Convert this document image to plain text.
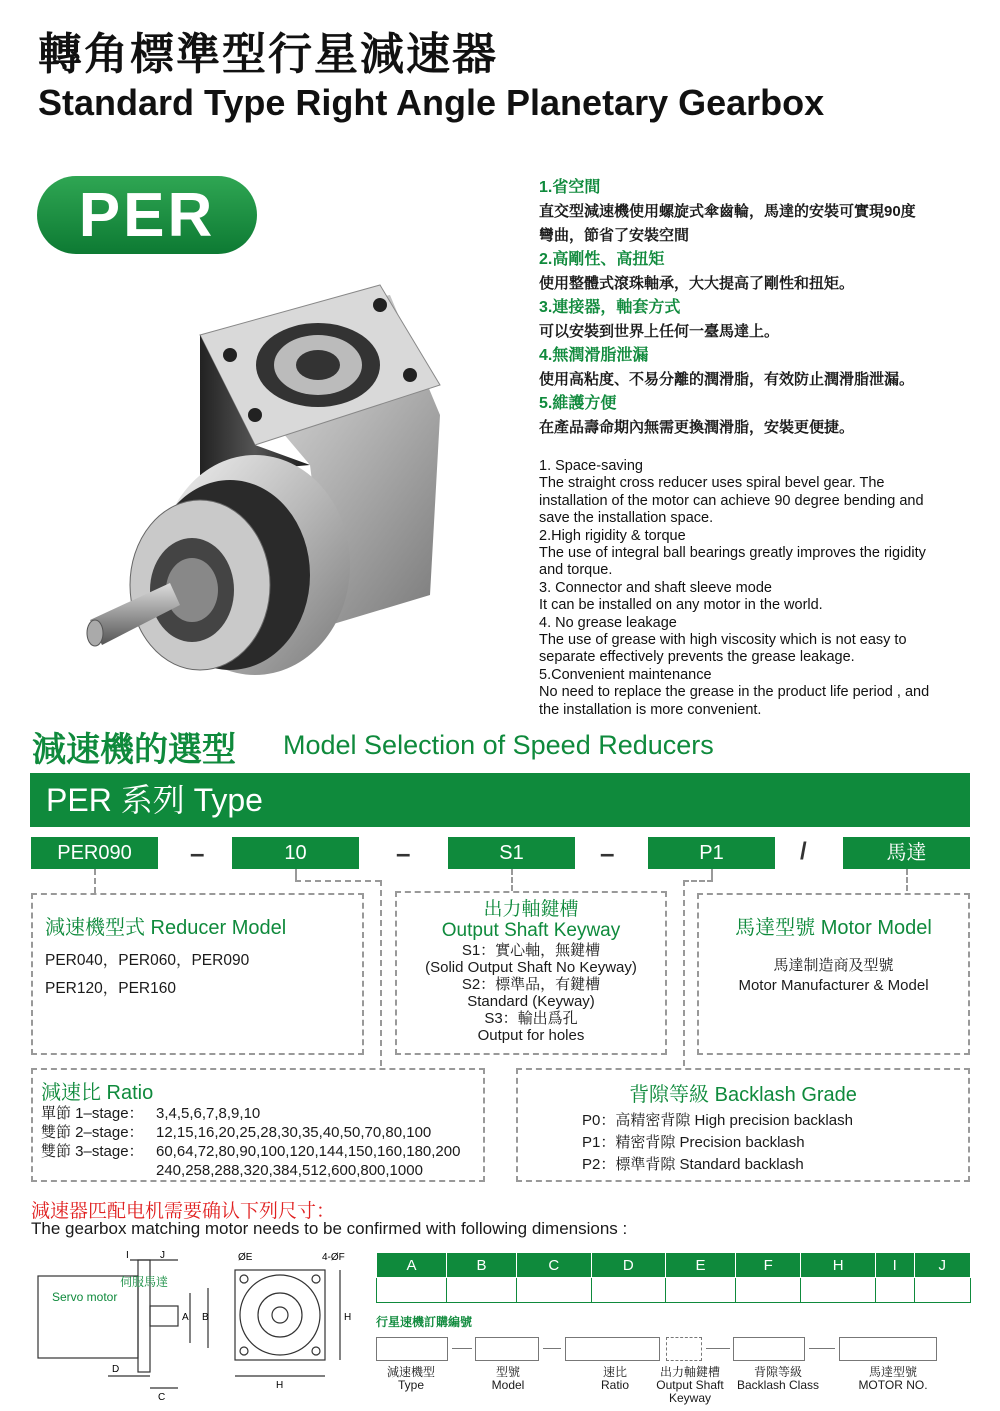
轉角標準型行星減速器
Standard Type Right Angle Planetary Gearbox
PER	1.省空間
直交型減速機使用螺旋式傘齒輪，馬達的安裝可實現90度
彎曲，節省了安裝空間
2.高剛性、高扭矩
使用整體式滾珠軸承，大大提高了剛性和扭矩。
3.連接器，軸套方式
可以安裝到世界上任何一臺馬達上。
4.無潤滑脂泄漏
使用高粘度、不易分離的潤滑脂，有效防止潤滑脂泄漏。
5.維護方便
在產品壽命期內無需更換潤滑脂，安裝更便捷。
1. Space-saving
The straight cross reducer uses spiral bevel gear. The
installation of the motor can achieve 90 degree bending and
save the installation space.
2.High rigidity & torque
The use of integral ball bearings greatly improves the rigidity
and torque.
3. Connector and shaft sleeve mode
It can be installed on any motor in the world.
4. No grease leakage
The use of grease with high viscosity which is not easy to
separate effectively prevents the grease leakage.
5.Convenient maintenance
No need to replace the grease in the product life period , and
the installation is more convenient.
減速機的選型 Model Selection of Speed Reducers
PER 系列 Type
PER090	–	10	–	S1	–	P1	/	馬達
減速機型式 Reducer Model
PER040，PER060，PER090
PER120，PER160
出力軸鍵槽
Output Shaft Keyway
S1：實心軸，無鍵槽
(Solid Output Shaft No Keyway)
S2：標準品，有鍵槽
Standard (Keyway)
S3：輸出爲孔
Output for holes
馬達型號 Motor Model
馬達制造商及型號
Motor Manufacturer & Model
減速比 Ratio
單節 1–stage： 3,4,5,6,7,8,9,10
雙節 2–stage： 12,15,16,20,25,28,30,35,40,50,70,80,100
雙節 3–stage： 60,64,72,80,90,100,120,144,150,160,180,200
240,258,288,320,384,512,600,800,1000
背隙等級 Backlash Grade
P0：高精密背隙 High precision backlash
P1：精密背隙 Precision backlash
P2：標準背隙 Standard backlash
減速器匹配电机需要确认下列尺寸：
The gearbox matching motor needs to be confirmed with following dimensions :
伺服馬達
Servo motor
I	J	ØE	4-ØF
A B	H
D
C
H
A	B	C	D	E	F	H	I	J

行星速機訂購編號
減速機型
Type
型號
Model
速比
Ratio
出力軸鍵槽
Output Shaft
Keyway
背隙等級
Backlash Class
馬達型號
MOTOR NO.
